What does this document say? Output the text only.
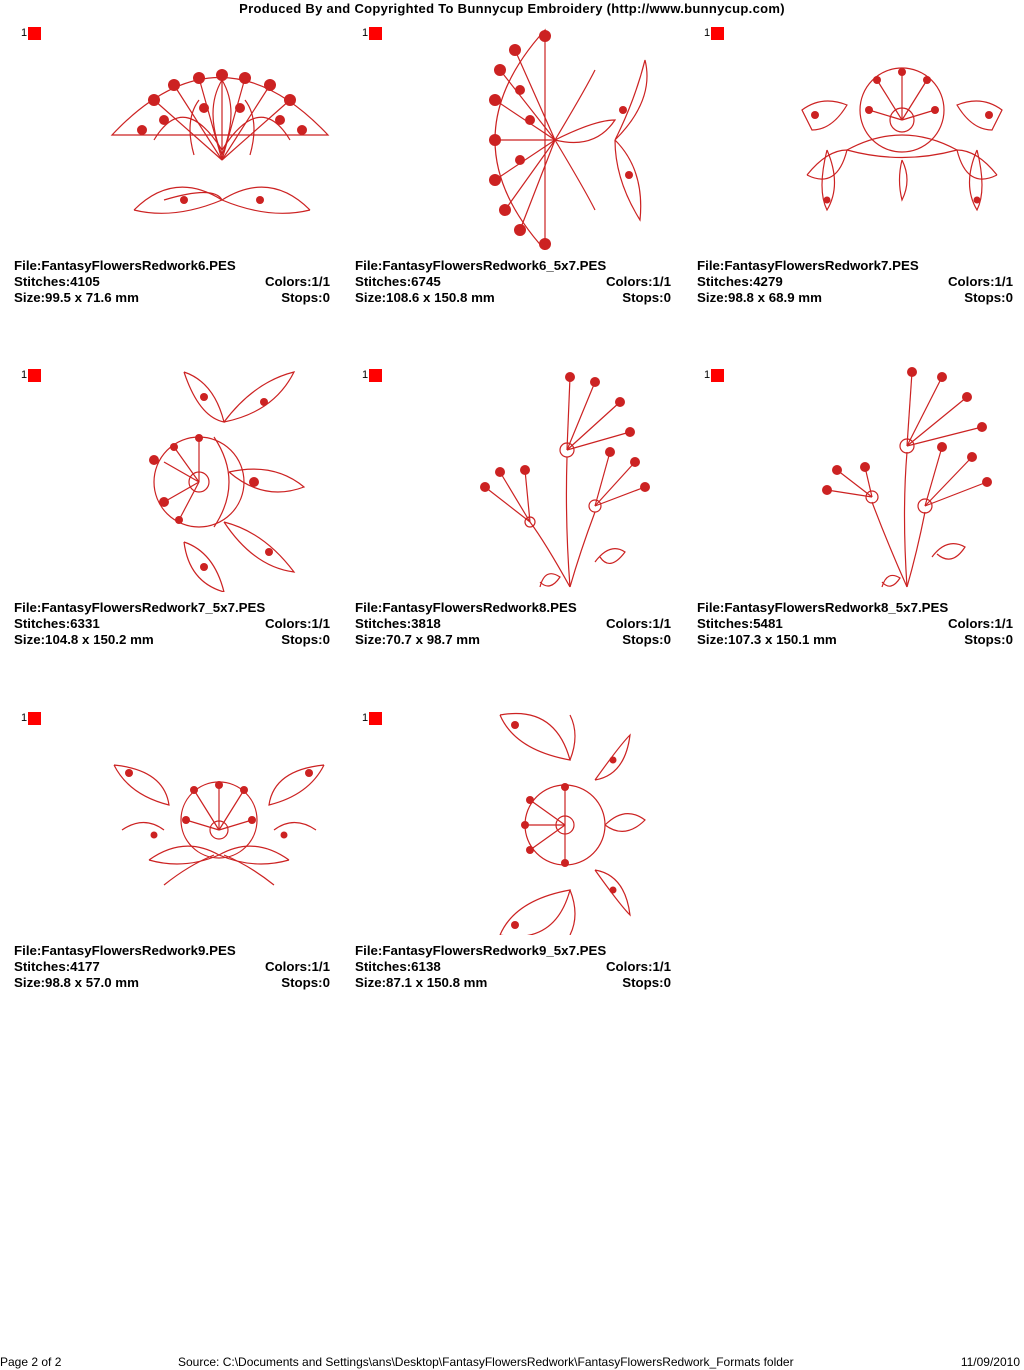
Produced By and Copyrighted To Bunnycup Embroidery (http://www.bunnycup.com)
1
File:FantasyFlowersRedwork6.PES
Stitches:4105	Colors:1/1
Size:99.5 x 71.6 mm	Stops:0
1
File:FantasyFlowersRedwork6_5x7.PES
Stitches:6745	Colors:1/1
Size:108.6 x 150.8 mm	Stops:0
1
File:FantasyFlowersRedwork7.PES
Stitches:4279	Colors:1/1
Size:98.8 x 68.9 mm	Stops:0
1
File:FantasyFlowersRedwork7_5x7.PES
Stitches:6331	Colors:1/1
Size:104.8 x 150.2 mm	Stops:0
1
File:FantasyFlowersRedwork8.PES
Stitches:3818	Colors:1/1
Size:70.7 x 98.7 mm	Stops:0
1
File:FantasyFlowersRedwork8_5x7.PES
Stitches:5481	Colors:1/1
Size:107.3 x 150.1 mm	Stops:0
1
File:FantasyFlowersRedwork9.PES
Stitches:4177	Colors:1/1
Size:98.8 x 57.0 mm	Stops:0
1
File:FantasyFlowersRedwork9_5x7.PES
Stitches:6138	Colors:1/1
Size:87.1 x 150.8 mm	Stops:0
Page 2 of 2	Source: C:\Documents and Settings\ans\Desktop\FantasyFlowersRedwork\FantasyFlowersRedwork_Formats folder	11/09/2010
